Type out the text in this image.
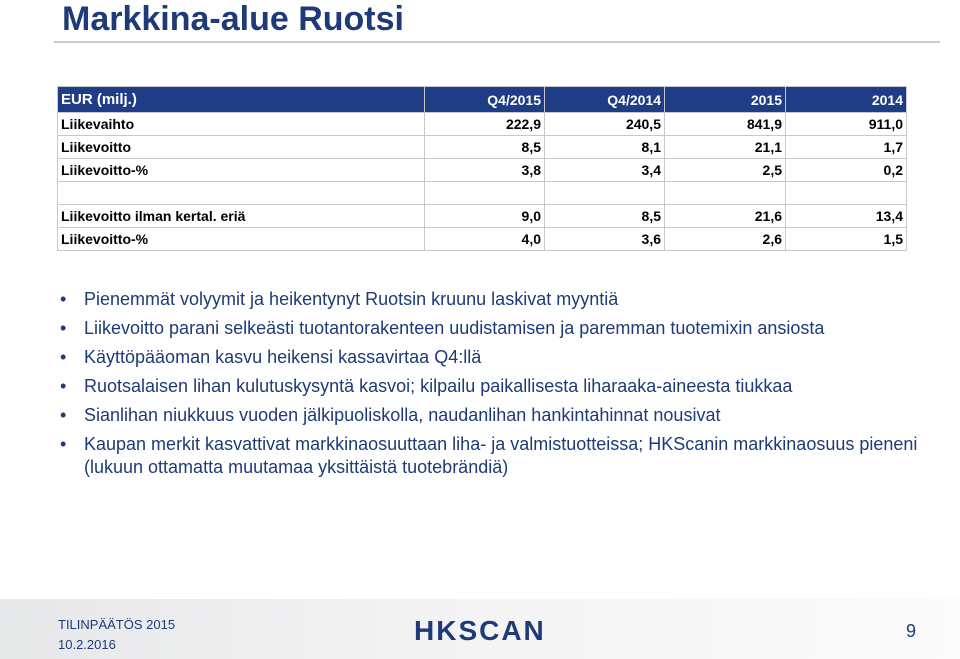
Markkina-alue Ruotsi
EUR (milj.)	Q4/2015	Q4/2014	2015	2014
Liikevaihto	222,9	240,5	841,9	911,0
Liikevoitto	8,5	8,1	21,1	1,7
Liikevoitto-%	3,8	3,4	2,5	0,2

Liikevoitto ilman kertal. eriä	9,0	8,5	21,6	13,4
Liikevoitto-%	4,0	3,6	2,6	1,5
• Pienemmät volyymit ja heikentynyt Ruotsin kruunu laskivat myyntiä
• Liikevoitto parani selkeästi tuotantorakenteen uudistamisen ja paremman tuotemixin ansiosta
• Käyttöpääoman kasvu heikensi kassavirtaa Q4:llä
• Ruotsalaisen lihan kulutuskysyntä kasvoi; kilpailu paikallisesta liharaaka-aineesta tiukkaa
• Sianlihan niukkuus vuoden jälkipuoliskolla, naudanlihan hankintahinnat nousivat
• Kaupan merkit kasvattivat markkinaosuuttaan liha- ja valmistuotteissa; HKScanin markkinaosuus pieneni (lukuun ottamatta muutamaa yksittäistä tuotebrändiä)
TILINPÄÄTÖS 2015
10.2.2016	HKSCAN	9
